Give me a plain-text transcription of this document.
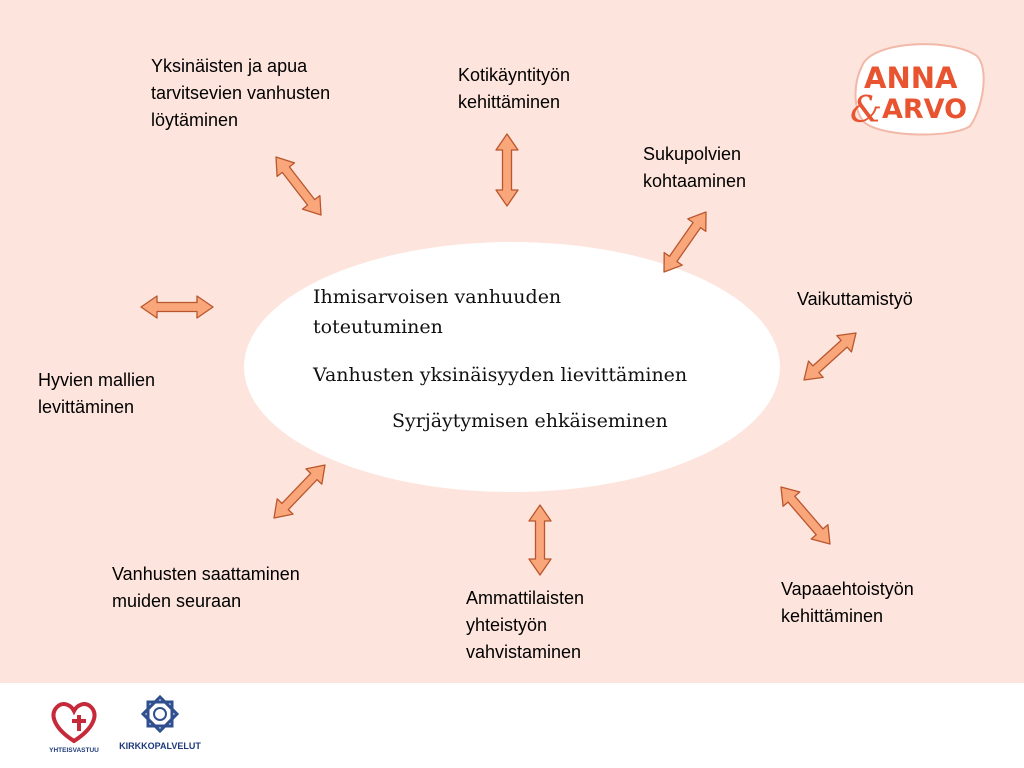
Ihmisarvoisen vanhuuden
toteutuminen
Vanhusten yksinäisyyden lievittäminen
Syrjäytymisen ehkäiseminen
Yksinäisten ja apua
tarvitsevien vanhusten
löytäminen
Kotikäyntityön
kehittäminen
Sukupolvien
kohtaaminen
Vaikuttamistyö
Vapaaehtoistyön
kehittäminen
Ammattilaisten
yhteistyön
vahvistaminen
Vanhusten saattaminen
muiden seuraan
Hyvien mallien
levittäminen
ANNA
& ARVO
YHTEISVASTUU KIRKKOPALVELUT
